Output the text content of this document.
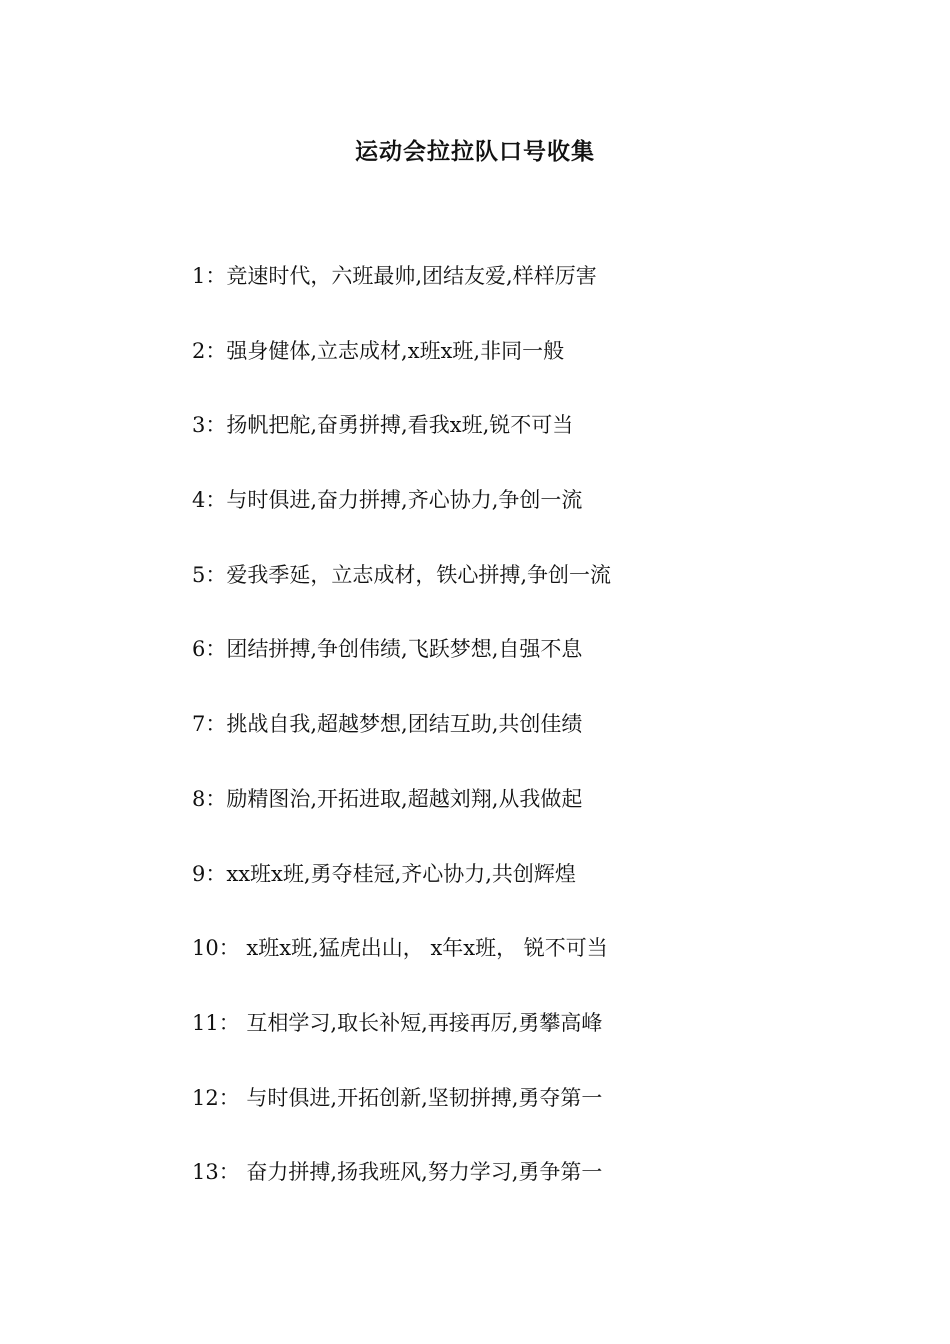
运动会拉拉队口号收集
1：竞速时代，六班最帅,团结友爱,样样厉害
2：强身健体,立志成材,x班x班,非同一般
3：扬帆把舵,奋勇拼搏,看我x班,锐不可当
4：与时俱进,奋力拼搏,齐心协力,争创一流
5：爱我季延，立志成材，铁心拼搏,争创一流
6：团结拼搏,争创伟绩,飞跃梦想,自强不息
7：挑战自我,超越梦想,团结互助,共创佳绩
8：励精图治,开拓进取,超越刘翔,从我做起
9：xx班x班,勇夺桂冠,齐心协力,共创辉煌
10： x班x班,猛虎出山， x年x班， 锐不可当
11： 互相学习,取长补短,再接再厉,勇攀高峰
12： 与时俱进,开拓创新,坚韧拼搏,勇夺第一
13： 奋力拼搏,扬我班风,努力学习,勇争第一
